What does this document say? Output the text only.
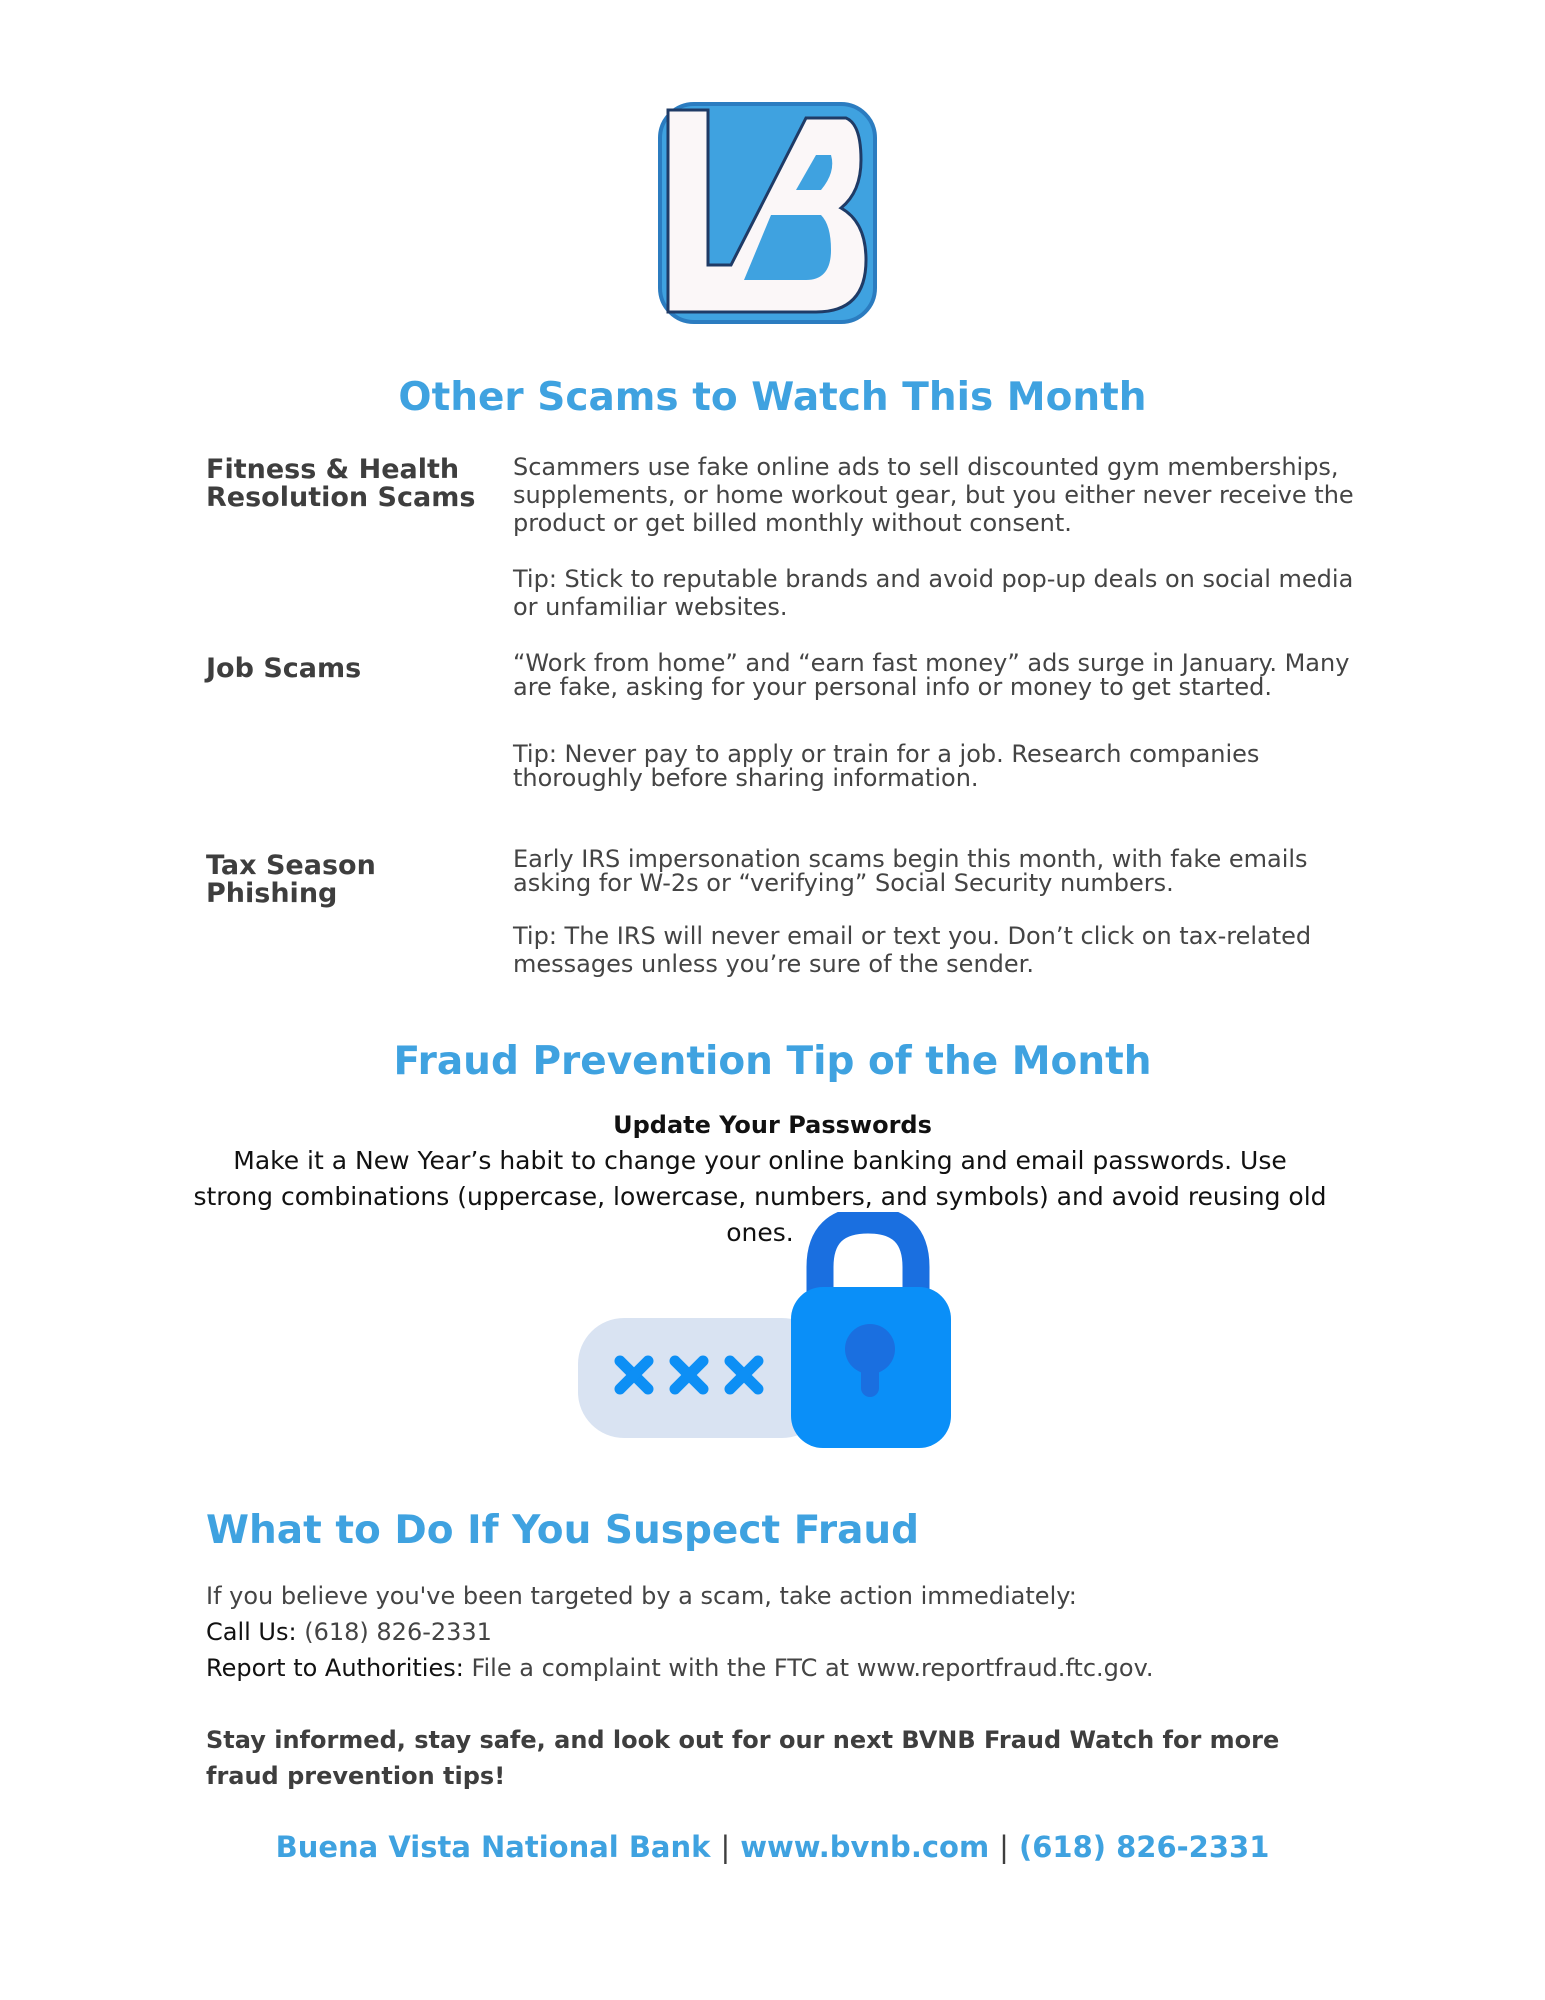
Other Scams to Watch This Month
Fitness & Health Resolution Scams
Scammers use fake online ads to sell discounted gym memberships, supplements, or home workout gear, but you either never receive the product or get billed monthly without consent.
Tip: Stick to reputable brands and avoid pop-up deals on social media or unfamiliar websites.
Job Scams	“Work from home” and “earn fast money” ads surge in January. Many are fake, asking for your personal info or money to get started.
Tip: Never pay to apply or train for a job. Research companies thoroughly before sharing information.
Tax Season Phishing
Early IRS impersonation scams begin this month, with fake emails asking for W-2s or “verifying” Social Security numbers.
Tip: The IRS will never email or text you. Don’t click on tax-related messages unless you’re sure of the sender.
Fraud Prevention Tip of the Month
Update Your Passwords
Make it a New Year’s habit to change your online banking and email passwords. Use strong combinations (uppercase, lowercase, numbers, and symbols) and avoid reusing old ones.
What to Do If You Suspect Fraud
If you believe you've been targeted by a scam, take action immediately:
Call Us: (618) 826-2331
Report to Authorities: File a complaint with the FTC at www.reportfraud.ftc.gov.
Stay informed, stay safe, and look out for our next BVNB Fraud Watch for more fraud prevention tips!
Buena Vista National Bank | www.bvnb.com | (618) 826-2331
